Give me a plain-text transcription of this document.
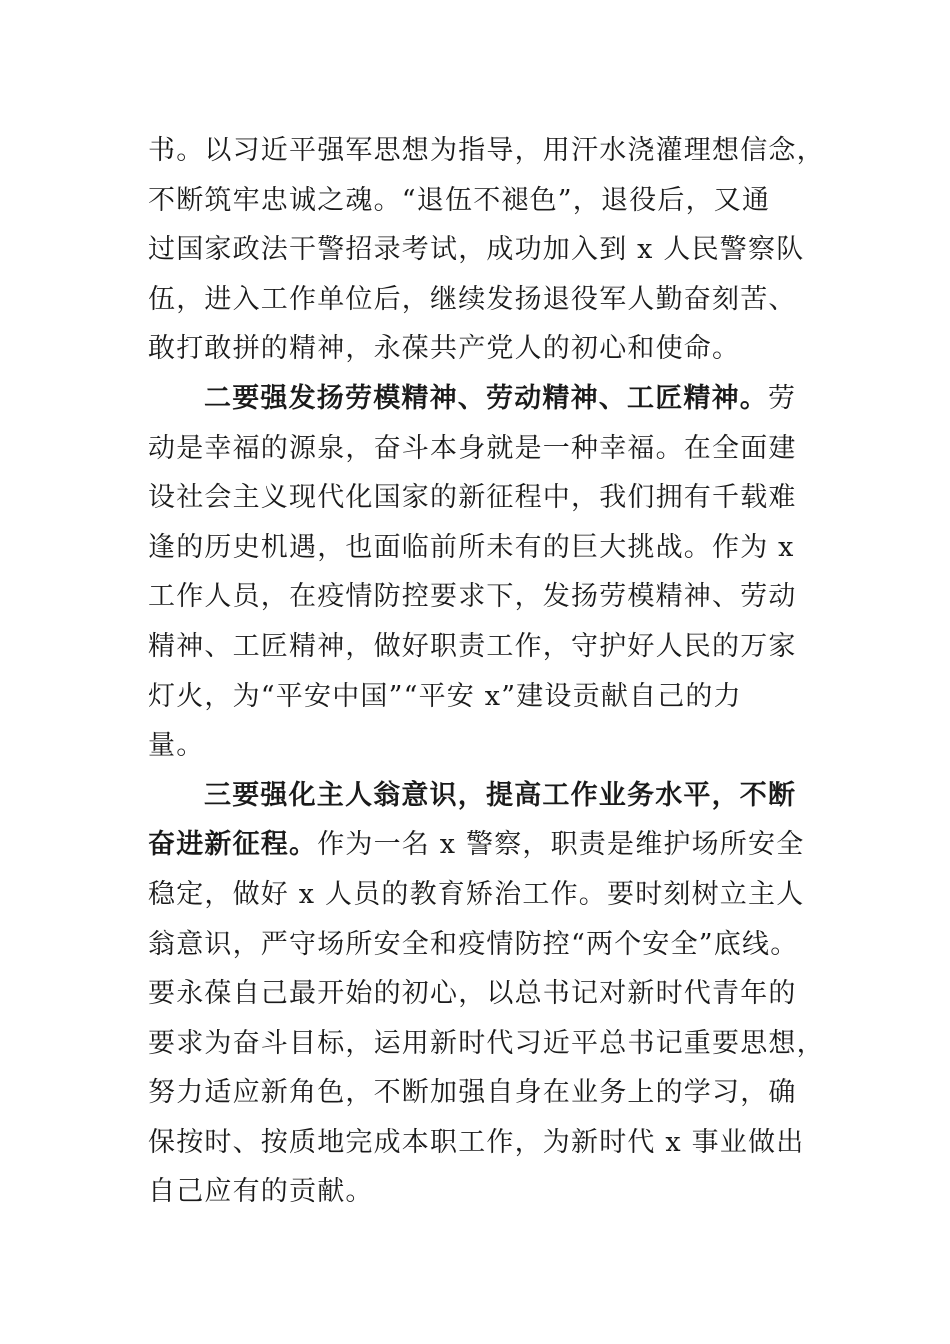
书。以习近平强军思想为指导，用汗水浇灌理想信念，
不断筑牢忠诚之魂。“退伍不褪色”，退役后，又通
过国家政法干警招录考试，成功加入到 x 人民警察队
伍，进入工作单位后，继续发扬退役军人勤奋刻苦、
敢打敢拼的精神，永葆共产党人的初心和使命。
二要强发扬劳模精神、劳动精神、工匠精神。劳
动是幸福的源泉，奋斗本身就是一种幸福。在全面建
设社会主义现代化国家的新征程中，我们拥有千载难
逢的历史机遇，也面临前所未有的巨大挑战。作为 x
工作人员，在疫情防控要求下，发扬劳模精神、劳动
精神、工匠精神，做好职责工作，守护好人民的万家
灯火，为“平安中国”“平安 x”建设贡献自己的力
量。
三要强化主人翁意识，提高工作业务水平，不断
奋进新征程。作为一名 x 警察，职责是维护场所安全
稳定，做好 x 人员的教育矫治工作。要时刻树立主人
翁意识，严守场所安全和疫情防控“两个安全”底线。
要永葆自己最开始的初心，以总书记对新时代青年的
要求为奋斗目标，运用新时代习近平总书记重要思想，
努力适应新角色，不断加强自身在业务上的学习，确
保按时、按质地完成本职工作，为新时代 x 事业做出
自己应有的贡献。
